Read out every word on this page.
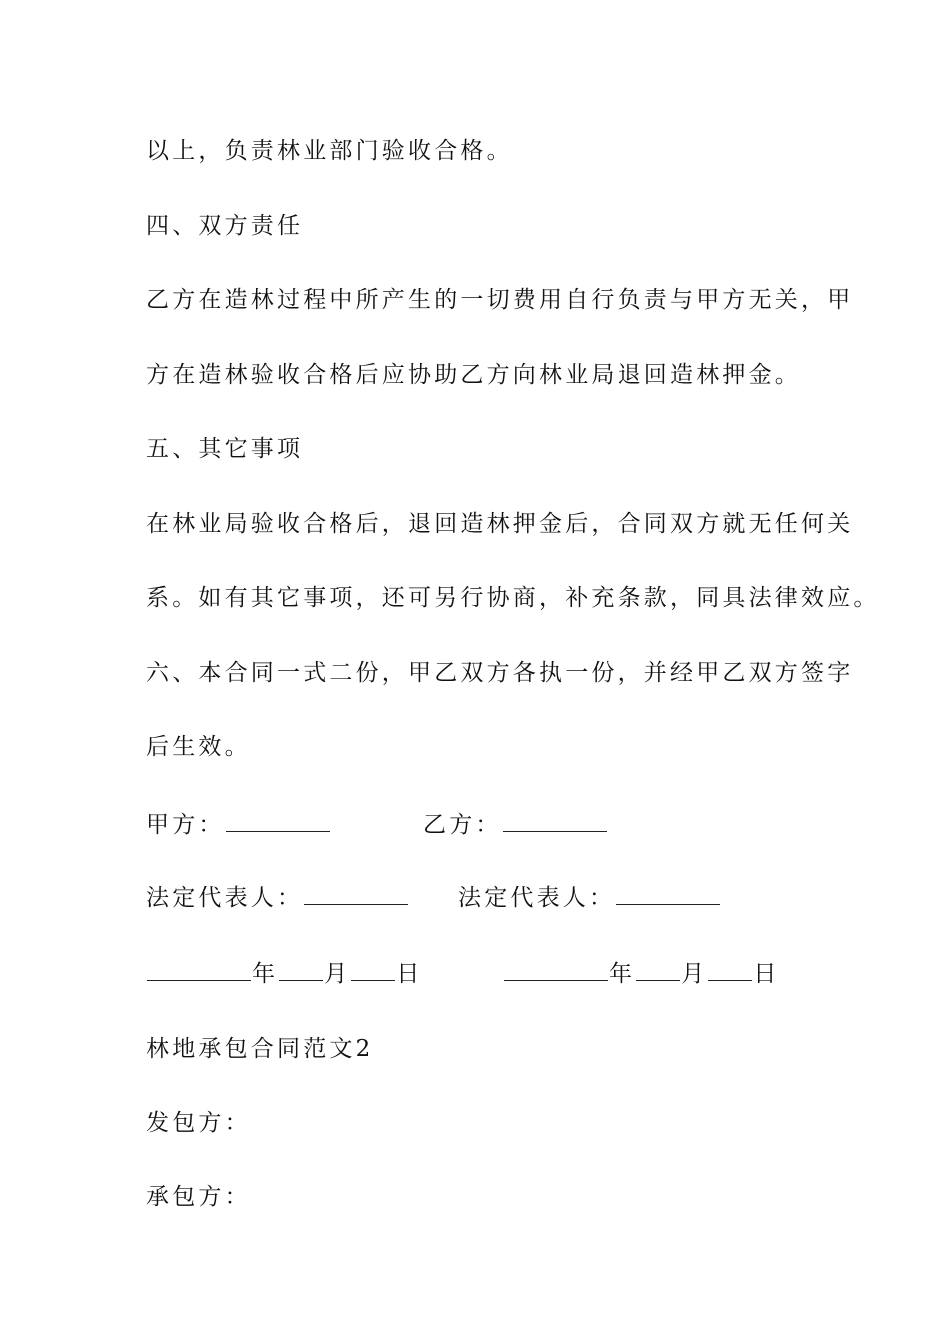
以上，负责林业部门验收合格。
四、双方责任
乙方在造林过程中所产生的一切费用自行负责与甲方无关，甲
方在造林验收合格后应协助乙方向林业局退回造林押金。
五、其它事项
在林业局验收合格后，退回造林押金后，合同双方就无任何关
系。如有其它事项，还可另行协商，补充条款，同具法律效应。
六、本合同一式二份，甲乙双方各执一份，并经甲乙双方签字
后生效。
甲方：	乙方：
法定代表人：	法定代表人：
年 月 日	年 月 日
林地承包合同范文2
发包方：
承包方：
